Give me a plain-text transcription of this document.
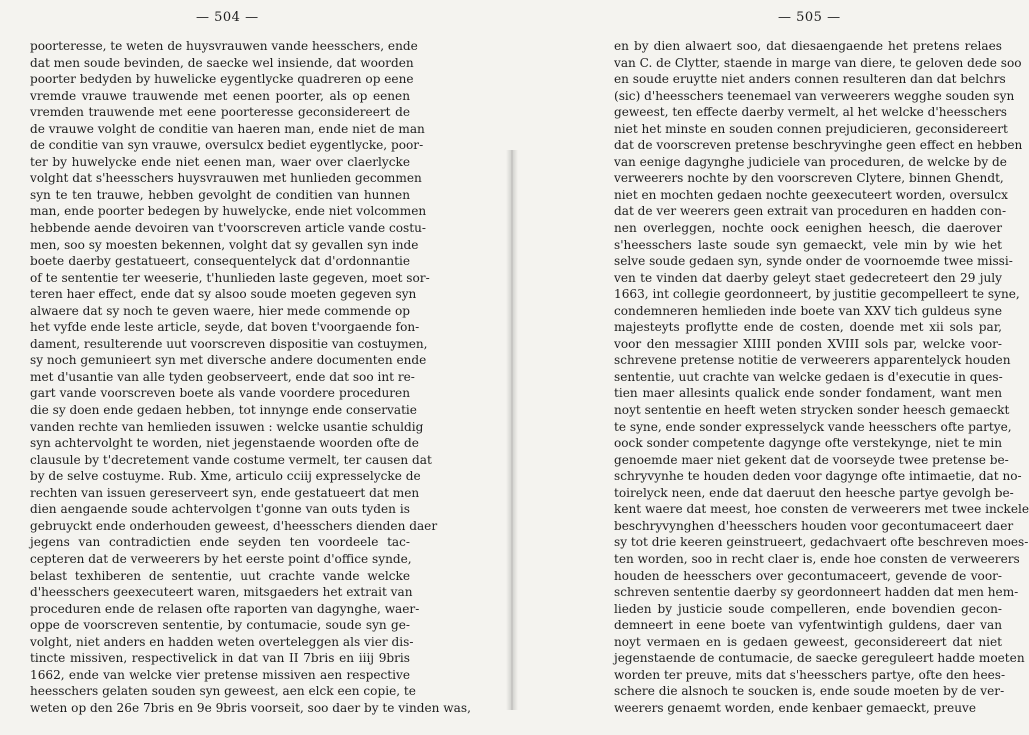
— 504 —
poorteresse, te weten de huysvrauwen vande heesschers, ende
dat men soude bevinden, de saecke wel insiende, dat woorden
poorter bedyden by huwelicke eygentlycke quadreren op eene
vremde vrauwe trauwende met eenen poorter, als op eenen
vremden trauwende met eene poorteresse geconsidereert de
de vrauwe volght de conditie van haeren man, ende niet de man
de conditie van syn vrauwe, oversulcx bediet eygentlycke, poor-
ter by huwelycke ende niet eenen man, waer over claerlycke
volght dat s'heesschers huysvrauwen met hunlieden gecommen
syn te ten trauwe, hebben gevolght de conditien van hunnen
man, ende poorter bedegen by huwelycke, ende niet volcommen
hebbende aende devoiren van t'voorscreven article vande costu-
men, soo sy moesten bekennen, volght dat sy gevallen syn inde
boete daerby gestatueert, consequentelyck dat d'ordonnantie
of te sententie ter weeserie, t'hunlieden laste gegeven, moet sor-
teren haer effect, ende dat sy alsoo soude moeten gegeven syn
alwaere dat sy noch te geven waere, hier mede commende op
het vyfde ende leste article, seyde, dat boven t'voorgaende fon-
dament, resulterende uut voorscreven dispositie van costuymen,
sy noch gemunieert syn met diversche andere documenten ende
met d'usantie van alle tyden geobserveert, ende dat soo int re-
gart vande voorscreven boete als vande voordere proceduren
die sy doen ende gedaen hebben, tot innynge ende conservatie
vanden rechte van hemlieden issuwen : welcke usantie schuldig
syn achtervolght te worden, niet jegenstaende woorden ofte de
clausule by t'decretement vande costume vermelt, ter causen dat
by de selve costuyme. Rub. Xme, articulo cciij expresselycke de
rechten van issuen gereserveert syn, ende gestatueert dat men
dien aengaende soude achtervolgen t'gonne van outs tyden is
gebruyckt ende onderhouden geweest, d'heesschers dienden daer
jegens van contradictien ende seyden ten voordeele tac-
cepteren dat de verweerers by het eerste point d'office synde,
belast texhiberen de sententie, uut crachte vande welcke
d'heesschers geexecuteert waren, mitsgaeders het extrait van
proceduren ende de relasen ofte raporten van dagynghe, waer-
oppe de voorscreven sententie, by contumacie, soude syn ge-
volght, niet anders en hadden weten overteleggen als vier dis-
tincte missiven, respectivelick in dat van II 7bris en iiij 9bris
1662, ende van welcke vier pretense missiven aen respective
heesschers gelaten souden syn geweest, aen elck een copie, te
weten op den 26e 7bris en 9e 9bris voorseit, soo daer by te vinden was,
— 505 —
en by dien alwaert soo, dat diesaengaende het pretens relaes
van C. de Clytter, staende in marge van diere, te geloven dede soo
en soude eruytte niet anders connen resulteren dan dat belchrs
(sic) d'heesschers teenemael van verweerers wegghe souden syn
geweest, ten effecte daerby vermelt, al het welcke d'heesschers
niet het minste en souden connen prejudicieren, geconsidereert
dat de voorscreven pretense beschryvinghe geen effect en hebben
van eenige dagynghe judiciele van proceduren, de welcke by de
verweerers nochte by den voorscreven Clytere, binnen Ghendt,
niet en mochten gedaen nochte geexecuteert worden, oversulcx
dat de ver weerers geen extrait van proceduren en hadden con-
nen overleggen, nochte oock eenighen heesch, die daerover
s'heesschers laste soude syn gemaeckt, vele min by wie het
selve soude gedaen syn, synde onder de voornoemde twee missi-
ven te vinden dat daerby geleyt staet gedecreteert den 29 july
1663, int collegie geordonneert, by justitie gecompelleert te syne,
condemneren hemlieden inde boete van XXV tich guldeus syne
majesteyts proflytte ende de costen, doende met xii sols par,
voor den messagier XIIII ponden XVIII sols par, welcke voor-
schrevene pretense notitie de verweerers apparentelyck houden
sententie, uut crachte van welcke gedaen is d'executie in ques-
tien maer allesints qualick ende sonder fondament, want men
noyt sententie en heeft weten strycken sonder heesch gemaeckt
te syne, ende sonder expresselyck vande heesschers ofte partye,
oock sonder competente dagynge ofte verstekynge, niet te min
genoemde maer niet gekent dat de voorseyde twee pretense be-
schryvynhe te houden deden voor dagynge ofte intimaetie, dat no-
toirelyck neen, ende dat daeruut den heesche partye gevolgh be-
kent waere dat meest, hoe consten de verweerers met twee inckele
beschryvynghen d'heesschers houden voor gecontumaceert daer
sy tot drie keeren geinstrueert, gedachvaert ofte beschreven moes-
ten worden, soo in recht claer is, ende hoe consten de verweerers
houden de heesschers over gecontumaceert, gevende de voor-
schreven sententie daerby sy geordonneert hadden dat men hem-
lieden by justicie soude compelleren, ende bovendien gecon-
demneert in eene boete van vyfentwintigh guldens, daer van
noyt vermaen en is gedaen geweest, geconsidereert dat niet
jegenstaende de contumacie, de saecke gereguleert hadde moeten
worden ter preuve, mits dat s'heesschers partye, ofte den hees-
schere die alsnoch te soucken is, ende soude moeten by de ver-
weerers genaemt worden, ende kenbaer gemaeckt, preuve
